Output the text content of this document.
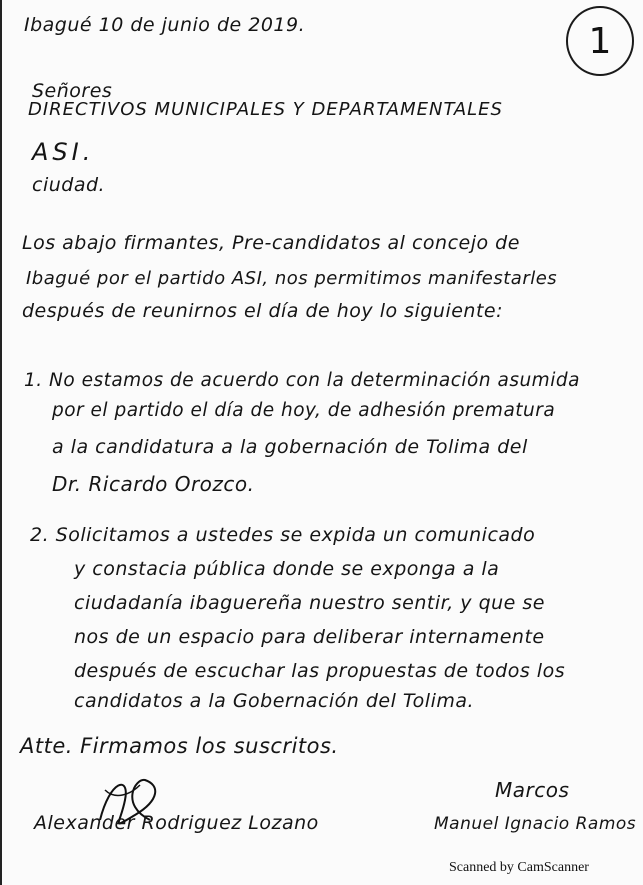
1
Ibagué 10 de junio de 2019.
Señores
DIRECTIVOS MUNICIPALES Y DEPARTAMENTALES
ASI.
ciudad.
Los abajo firmantes, Pre-candidatos al concejo de
Ibagué por el partido ASI, nos permitimos manifestarles
después de reunirnos el día de hoy lo siguiente:
1. No estamos de acuerdo con la determinación asumida
por el partido el día de hoy, de adhesión prematura
a la candidatura a la gobernación de Tolima del
Dr. Ricardo Orozco.
2. Solicitamos a ustedes se expida un comunicado
y constacia pública donde se exponga a la
ciudadanía ibaguereña nuestro sentir, y que se
nos de un espacio para deliberar internamente
después de escuchar las propuestas de todos los
candidatos a la Gobernación del Tolima.
Atte. Firmamos los suscritos.
Alexander Rodriguez Lozano
Marcos
Manuel Ignacio Ramos
Scanned by CamScanner
